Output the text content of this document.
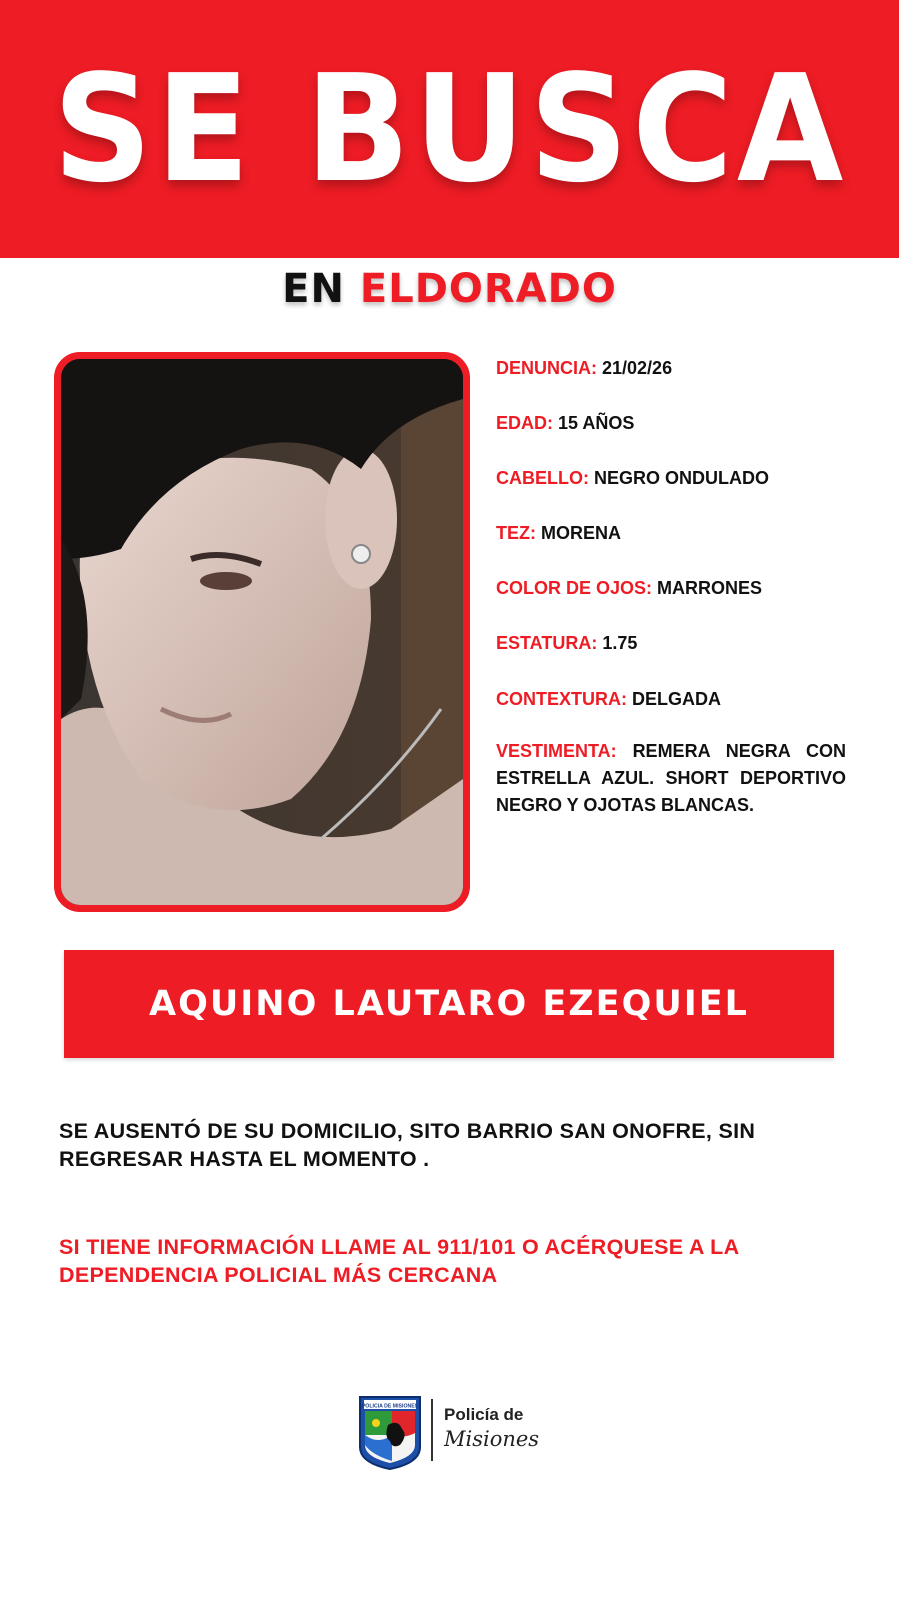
SE BUSCA
EN ELDORADO
DENUNCIA: 21/02/26
EDAD: 15 AÑOS
CABELLO: NEGRO ONDULADO
TEZ: MORENA
COLOR DE OJOS: MARRONES
ESTATURA: 1.75
CONTEXTURA: DELGADA
VESTIMENTA: REMERA NEGRA CON ESTRELLA AZUL. SHORT DEPORTIVO NEGRO Y OJOTAS BLANCAS.
AQUINO LAUTARO EZEQUIEL
SE AUSENTÓ DE SU DOMICILIO, SITO BARRIO SAN ONOFRE, SIN REGRESAR HASTA EL MOMENTO .
SI TIENE INFORMACIÓN LLAME AL 911/101 O ACÉRQUESE A LA DEPENDENCIA POLICIAL MÁS CERCANA
POLICIA DE MISIONES Policía de
Misiones
